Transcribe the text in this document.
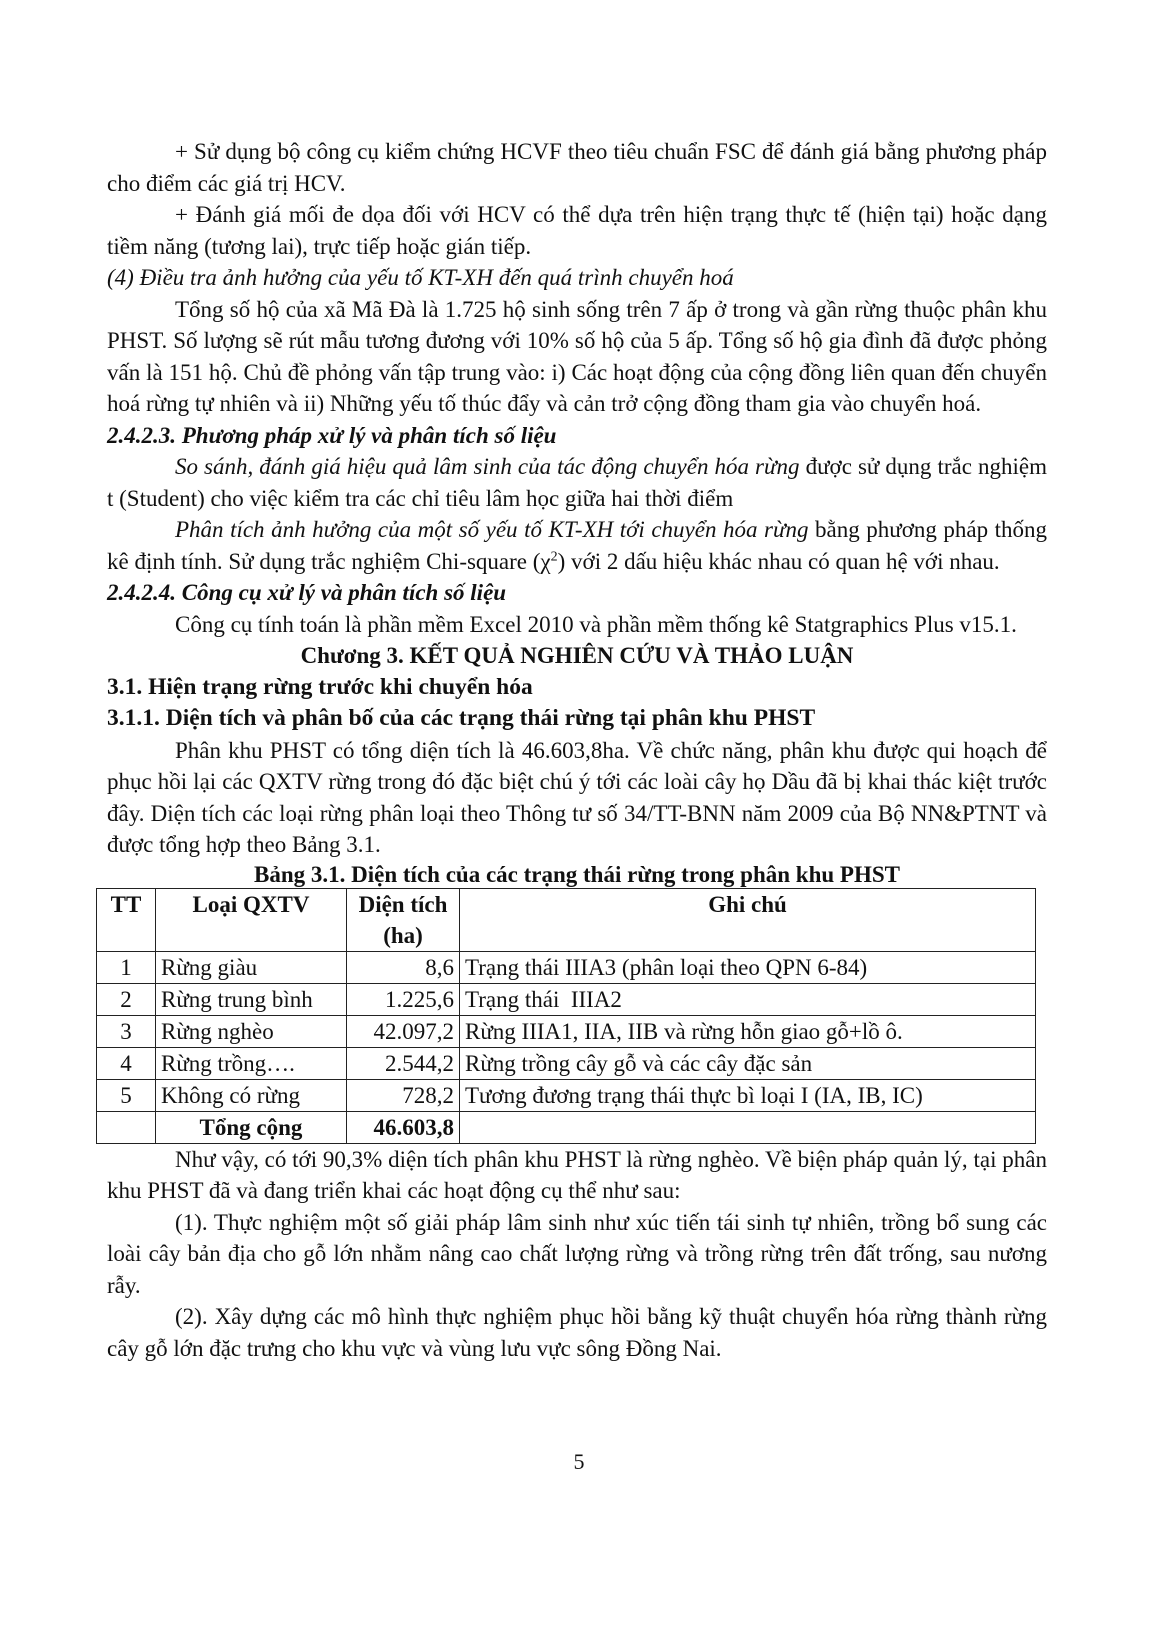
+ Sử dụng bộ công cụ kiểm chứng HCVF theo tiêu chuẩn FSC để đánh giá bằng phương pháp cho điểm các giá trị HCV.

+ Đánh giá mối đe dọa đối với HCV có thể dựa trên hiện trạng thực tế (hiện tại) hoặc dạng tiềm năng (tương lai), trực tiếp hoặc gián tiếp.

(4) Điều tra ảnh hưởng của yếu tố KT-XH đến quá trình chuyển hoá

Tổng số hộ của xã Mã Đà là 1.725 hộ sinh sống trên 7 ấp ở trong và gần rừng thuộc phân khu PHST. Số lượng sẽ rút mẫu tương đương với 10% số hộ của 5 ấp. Tổng số hộ gia đình đã được phỏng vấn là 151 hộ. Chủ đề phỏng vấn tập trung vào: i) Các hoạt động của cộng đồng liên quan đến chuyển hoá rừng tự nhiên và ii) Những yếu tố thúc đẩy và cản trở cộng đồng tham gia vào chuyển hoá.

2.4.2.3. Phương pháp xử lý và phân tích số liệu

So sánh, đánh giá hiệu quả lâm sinh của tác động chuyển hóa rừng được sử dụng trắc nghiệm t (Student) cho việc kiểm tra các chỉ tiêu lâm học giữa hai thời điểm

Phân tích ảnh hưởng của một số yếu tố KT-XH tới chuyển hóa rừng bằng phương pháp thống kê định tính. Sử dụng trắc nghiệm Chi-square $(\chi^2)$ với 2 dấu hiệu khác nhau có quan hệ với nhau.

2.4.2.4. Công cụ xử lý và phân tích số liệu

Công cụ tính toán là phần mềm Excel 2010 và phần mềm thống kê Statgraphics Plus v15.1.

Chương 3. KẾT QUẢ NGHIÊN CỨU VÀ THẢO LUẬN

3.1. Hiện trạng rừng trước khi chuyển hóa

3.1.1. Diện tích và phân bố của các trạng thái rừng tại phân khu PHST

Phân khu PHST có tổng diện tích là 46.603,8ha. Về chức năng, phân khu được qui hoạch để phục hồi lại các QXTV rừng trong đó đặc biệt chú ý tới các loài cây họ Dầu đã bị khai thác kiệt trước đây. Diện tích các loại rừng phân loại theo Thông tư số 34/TT-BNN năm 2009 của Bộ NN&PTNT và được tổng hợp theo Bảng 3.1.

Bảng 3.1. Diện tích của các trạng thái rừng trong phân khu PHST

TT	Loại QXTV	Diện tích (ha)	Ghi chú
1	Rừng giàu	8,6	Trạng thái IIIA3 (phân loại theo QPN 6-84)
2	Rừng trung bình	1.225,6	Trạng thái  IIIA2
3	Rừng nghèo	42.097,2	Rừng IIIA1, IIA, IIB và rừng hỗn giao gỗ+lồ ô.
4	Rừng trồng….	2.544,2	Rừng trồng cây gỗ và các cây đặc sản
5	Không có rừng	728,2	Tương đương trạng thái thực bì loại I (IA, IB, IC)
	Tổng cộng	46.603,8	

Như vậy, có tới 90,3% diện tích phân khu PHST là rừng nghèo. Về biện pháp quản lý, tại phân khu PHST đã và đang triển khai các hoạt động cụ thể như sau:

(1). Thực nghiệm một số giải pháp lâm sinh như xúc tiến tái sinh tự nhiên, trồng bổ sung các loài cây bản địa cho gỗ lớn nhằm nâng cao chất lượng rừng và trồng rừng trên đất trống, sau nương rẫy.

(2). Xây dựng các mô hình thực nghiệm phục hồi bằng kỹ thuật chuyển hóa rừng thành rừng cây gỗ lớn đặc trưng cho khu vực và vùng lưu vực sông Đồng Nai.

5
